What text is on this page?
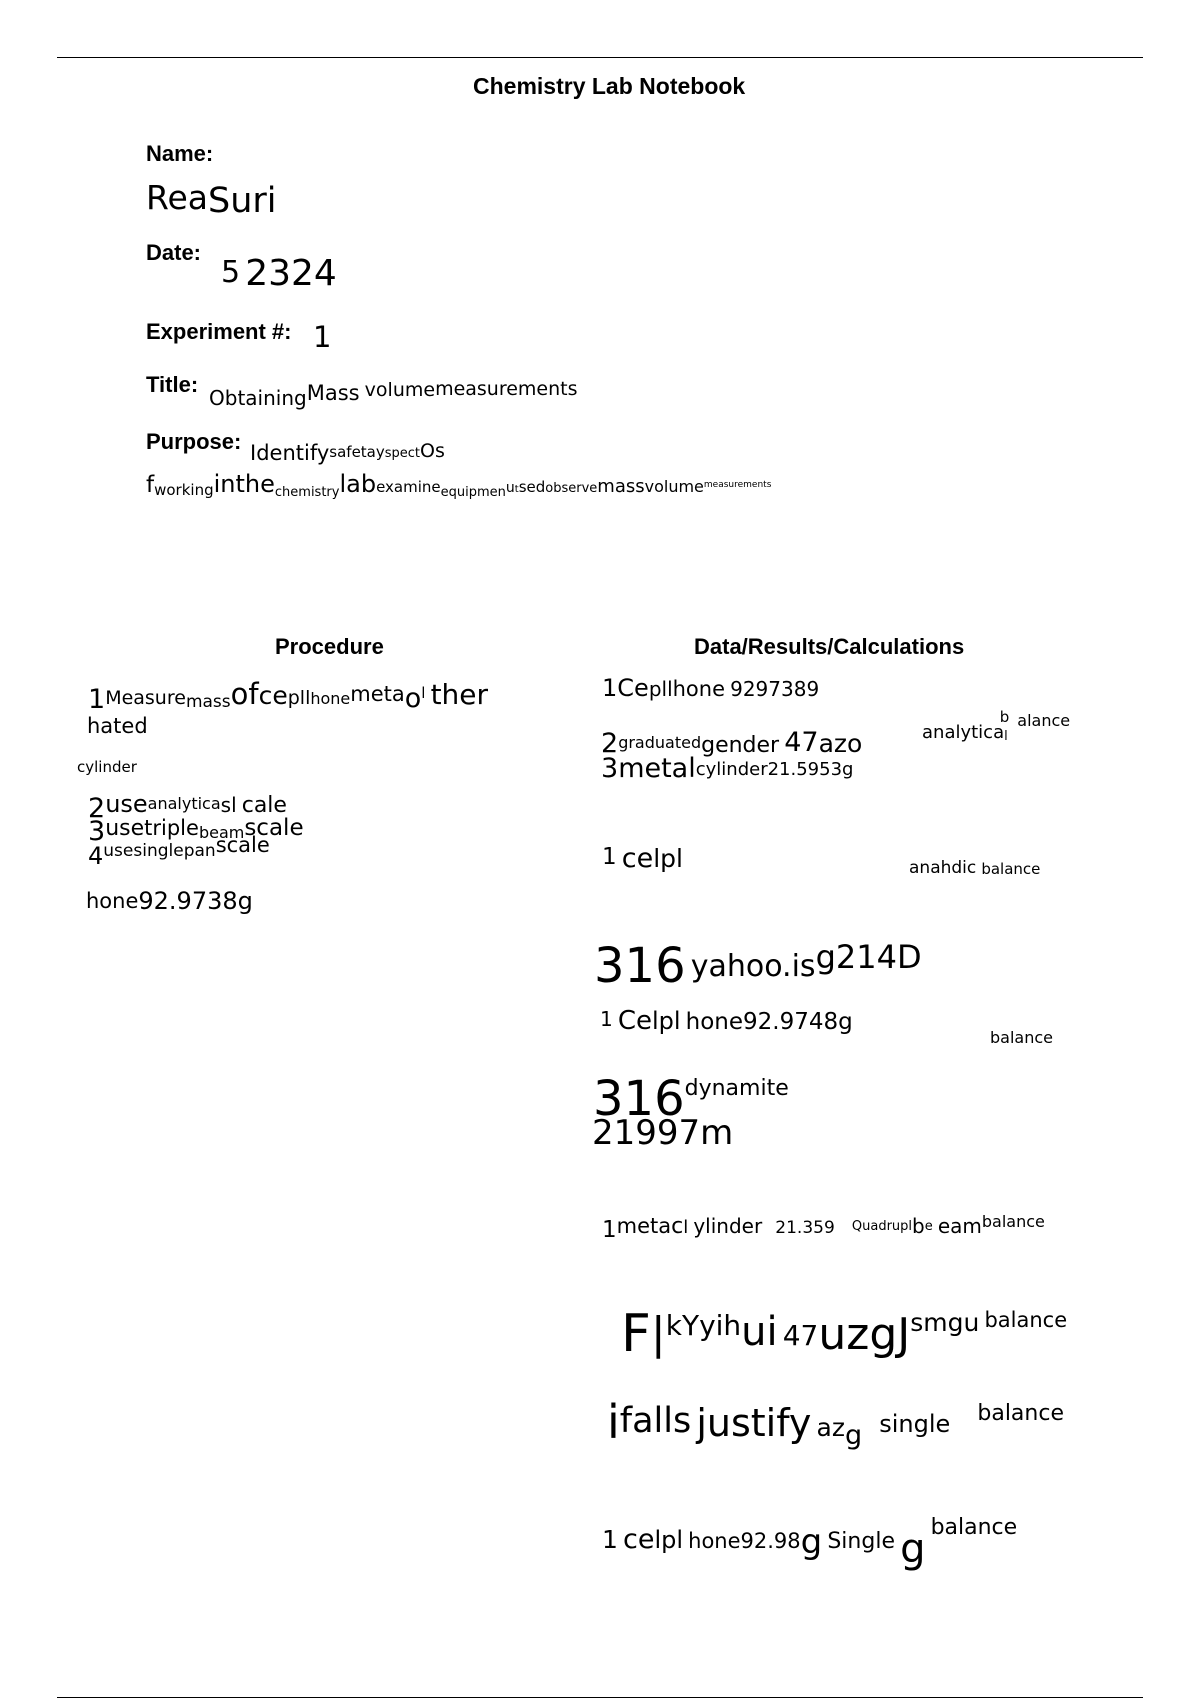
Chemistry Lab Notebook
Name:
ReaSuri
Date:
5 2324
Experiment #: 1
Title:
ObtainingMass volumemeasurements
Purpose: IdentifysafetayspectOs
fworkinginthe$_{chemistry}$labexamine$_{equipmen}$utsedobservemassvolume$^{measurements}$
Procedure
1Measuremassofcepllhonemetaol ther
hated
cylinder
2useanalyticasl cale
3usetriplebeamscale
4usesinglepanscale
hone92.9738g
Data/Results/Calculations
1Cepllhone 9297389
2graduatedgender 47azo	analytica$_l$b alance
3metalcylinder21.5953g
1 celpl	anahdic balance
316 yahoo.isg214D
1 Celpl hone92.9748g
balance
316dynamite
21997m
1metacl ylinder 21.359 Quadruplbe eambalance
F|kYyihui 47uzgJsmgu balance
ifalls justify azg single balance
1 celpl hone92.98g Single g balance
